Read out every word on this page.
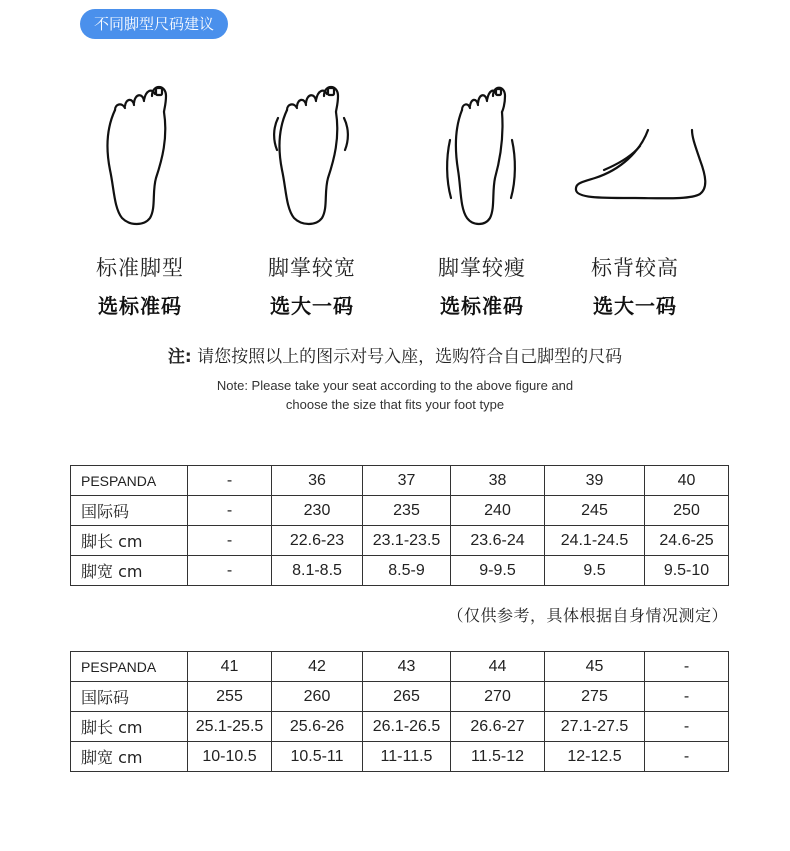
不同脚型尺码建议
标准脚型
选标准码
脚掌较宽
选大一码
脚掌较瘦
选标准码
标背较高
选大一码
注: 请您按照以上的图示对号入座，选购符合自己脚型的尺码
Note: Please take your seat according to the above figure and
choose the size that fits your foot type
PESPANDA	-	36	37	38	39	40
国际码	-	230	235	240	245	250
脚长 cm	-	22.6-23	23.1-23.5	23.6-24	24.1-24.5	24.6-25
脚宽 cm	-	8.1-8.5	8.5-9	9-9.5	9.5	9.5-10
（仅供参考，具体根据自身情况测定）
PESPANDA	41	42	43	44	45	-
国际码	255	260	265	270	275	-
脚长 cm	25.1-25.5	25.6-26	26.1-26.5	26.6-27	27.1-27.5	-
脚宽 cm	10-10.5	10.5-11	11-11.5	11.5-12	12-12.5	-
